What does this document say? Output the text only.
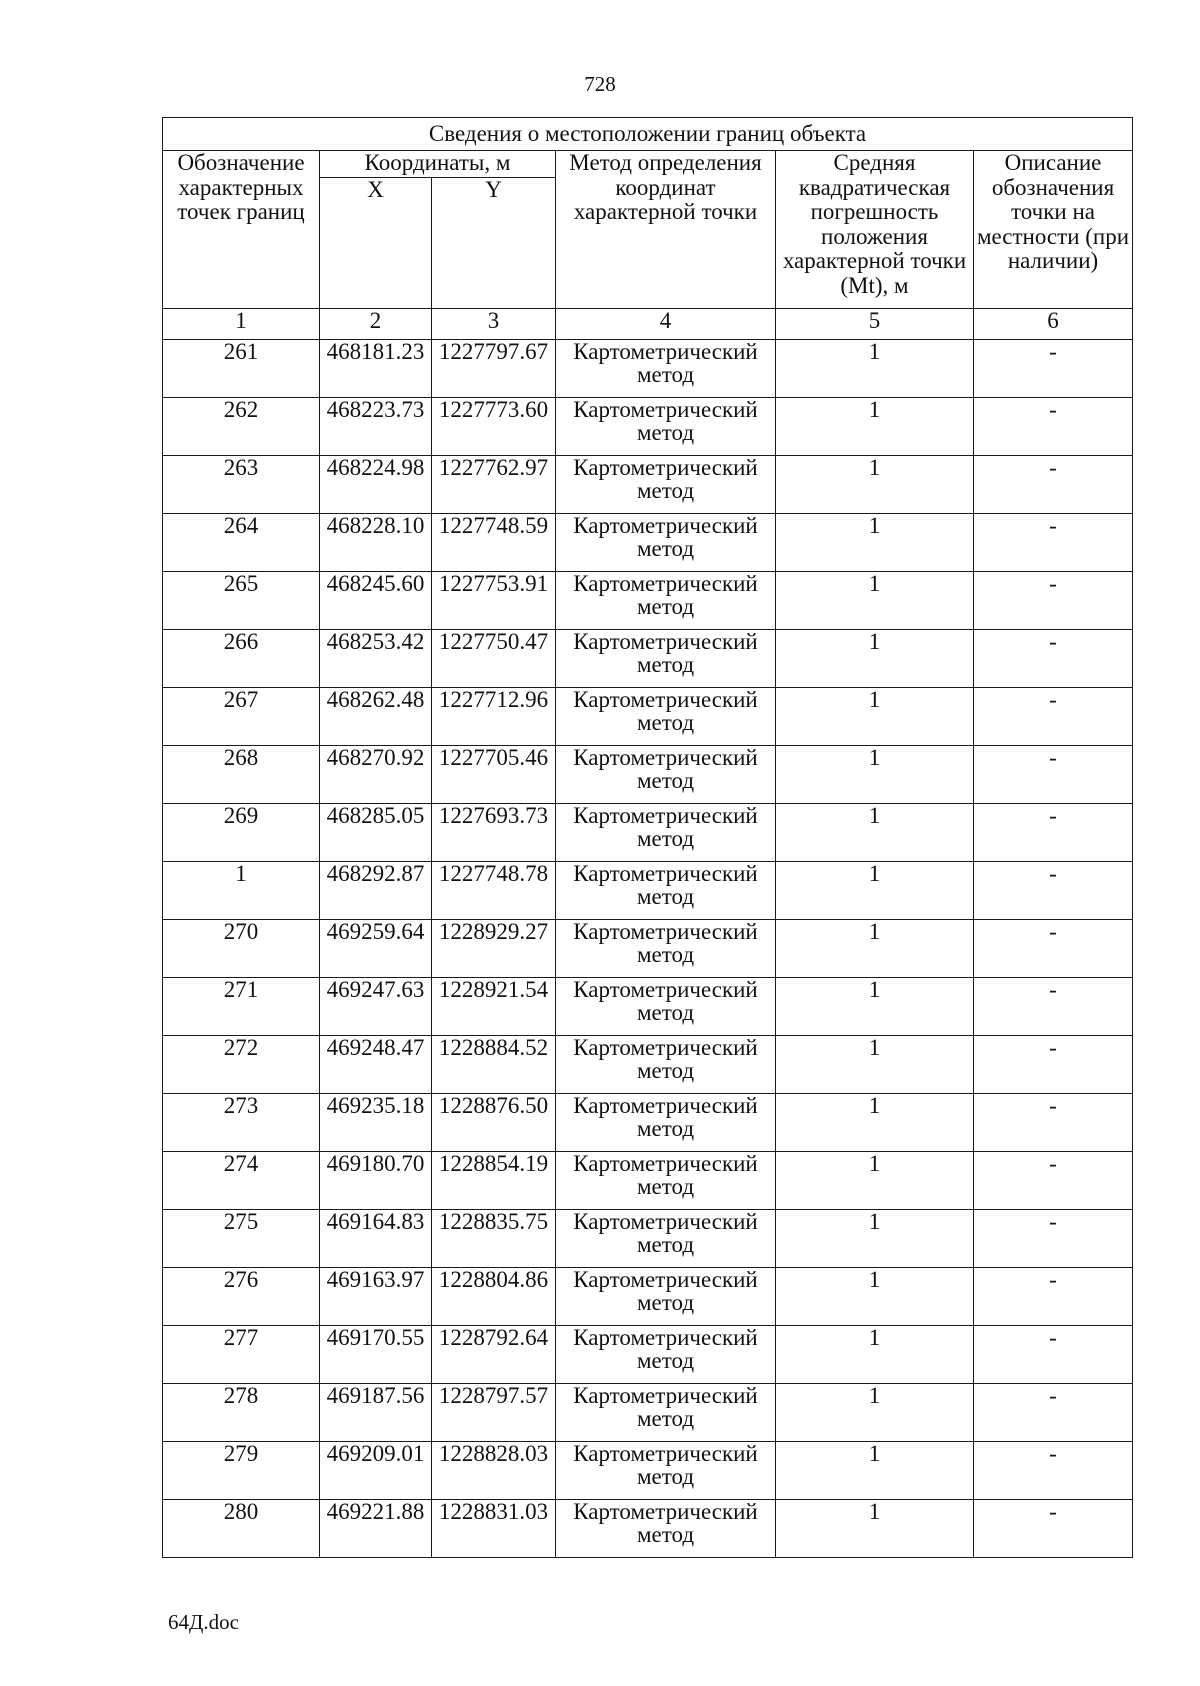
728
Сведения о местоположении границ объекта					
Обозначение характерных точек границ	Координаты, м		Метод определения координат характерной точки	Средняя квадратическая погрешность положения характерной точки (Mt), м	Описание обозначения точки на местности (при наличии)
	X	Y			
1	2	3	4	5	6
261	468181.23	1227797.67	Картометрический метод	1	-
262	468223.73	1227773.60	Картометрический метод	1	-
263	468224.98	1227762.97	Картометрический метод	1	-
264	468228.10	1227748.59	Картометрический метод	1	-
265	468245.60	1227753.91	Картометрический метод	1	-
266	468253.42	1227750.47	Картометрический метод	1	-
267	468262.48	1227712.96	Картометрический метод	1	-
268	468270.92	1227705.46	Картометрический метод	1	-
269	468285.05	1227693.73	Картометрический метод	1	-
1	468292.87	1227748.78	Картометрический метод	1	-
270	469259.64	1228929.27	Картометрический метод	1	-
271	469247.63	1228921.54	Картометрический метод	1	-
272	469248.47	1228884.52	Картометрический метод	1	-
273	469235.18	1228876.50	Картометрический метод	1	-
274	469180.70	1228854.19	Картометрический метод	1	-
275	469164.83	1228835.75	Картометрический метод	1	-
276	469163.97	1228804.86	Картометрический метод	1	-
277	469170.55	1228792.64	Картометрический метод	1	-
278	469187.56	1228797.57	Картометрический метод	1	-
279	469209.01	1228828.03	Картометрический метод	1	-
280	469221.88	1228831.03	Картометрический метод	1	-
64Д.doc
